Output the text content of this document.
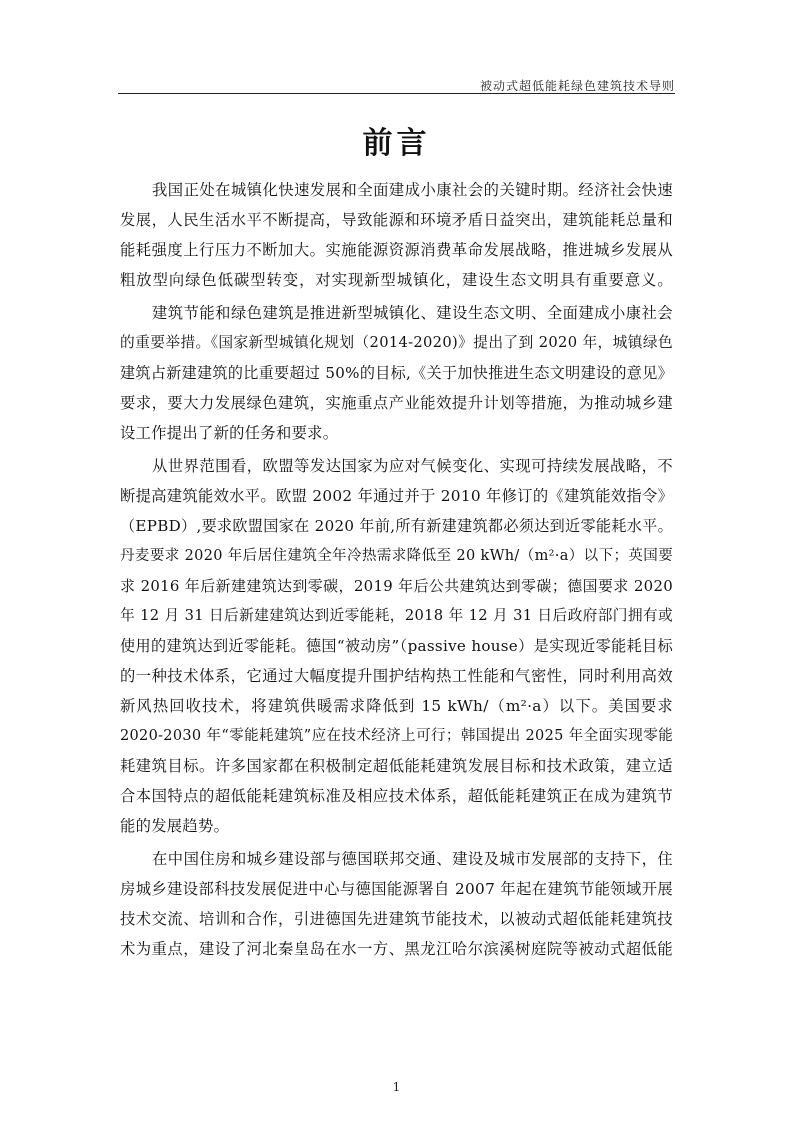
被动式超低能耗绿色建筑技术导则
前言
我国正处在城镇化快速发展和全面建成小康社会的关键时期。经济社会快速
发展，人民生活水平不断提高，导致能源和环境矛盾日益突出，建筑能耗总量和
能耗强度上行压力不断加大。实施能源资源消费革命发展战略，推进城乡发展从
粗放型向绿色低碳型转变，对实现新型城镇化，建设生态文明具有重要意义。
建筑节能和绿色建筑是推进新型城镇化、建设生态文明、全面建成小康社会
的重要举措。《国家新型城镇化规划（2014-2020)》提出了到 2020 年，城镇绿色
建筑占新建建筑的比重要超过 50%的目标,《关于加快推进生态文明建设的意见》
要求，要大力发展绿色建筑，实施重点产业能效提升计划等措施，为推动城乡建
设工作提出了新的任务和要求。
从世界范围看，欧盟等发达国家为应对气候变化、实现可持续发展战略，不
断提高建筑能效水平。欧盟 2002 年通过并于 2010 年修订的《建筑能效指令》
（EPBD）,要求欧盟国家在 2020 年前,所有新建建筑都必须达到近零能耗水平。
丹麦要求 2020 年后居住建筑全年冷热需求降低至 20 kWh/（m²·a）以下；英国要
求 2016 年后新建建筑达到零碳，2019 年后公共建筑达到零碳；德国要求 2020
年 12 月 31 日后新建建筑达到近零能耗，2018 年 12 月 31 日后政府部门拥有或
使用的建筑达到近零能耗。德国“被动房”（passive house）是实现近零能耗目标
的一种技术体系，它通过大幅度提升围护结构热工性能和气密性，同时利用高效
新风热回收技术，将建筑供暖需求降低到 15 kWh/（m²·a）以下。美国要求
2020-2030 年“零能耗建筑”应在技术经济上可行；韩国提出 2025 年全面实现零能
耗建筑目标。许多国家都在积极制定超低能耗建筑发展目标和技术政策，建立适
合本国特点的超低能耗建筑标准及相应技术体系，超低能耗建筑正在成为建筑节
能的发展趋势。
在中国住房和城乡建设部与德国联邦交通、建设及城市发展部的支持下，住
房城乡建设部科技发展促进中心与德国能源署自 2007 年起在建筑节能领域开展
技术交流、培训和合作，引进德国先进建筑节能技术，以被动式超低能耗建筑技
术为重点，建设了河北秦皇岛在水一方、黑龙江哈尔滨溪树庭院等被动式超低能
1
